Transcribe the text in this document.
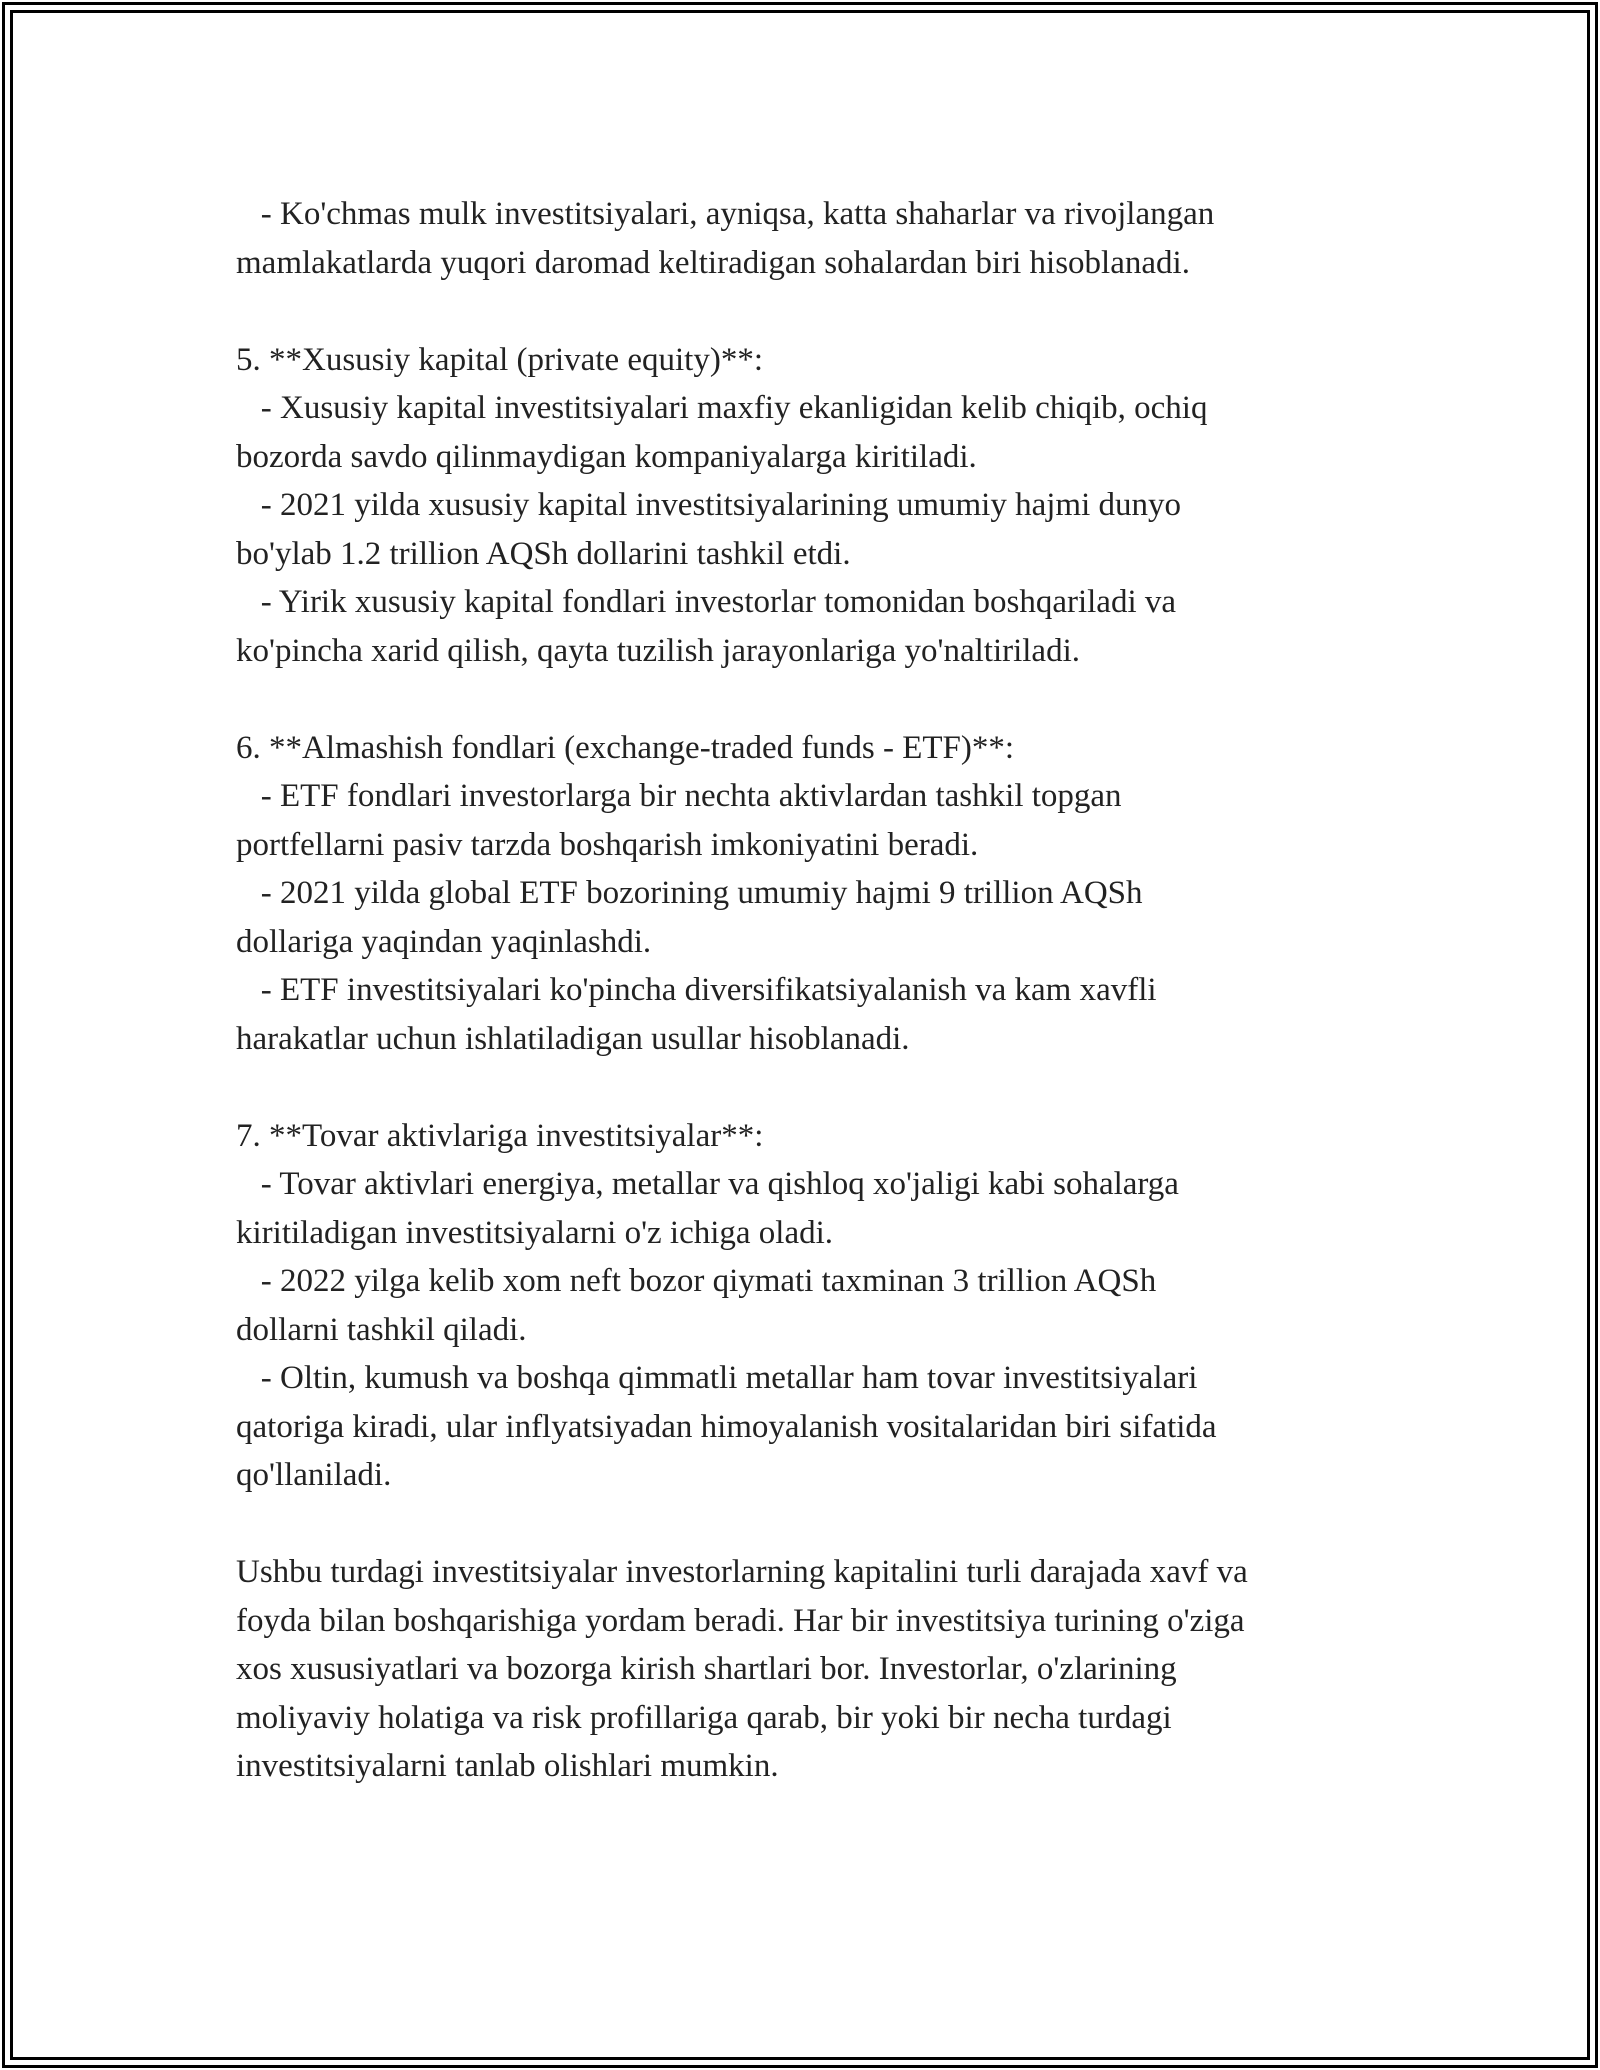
- Ko'chmas mulk investitsiyalari, ayniqsa, katta shaharlar va rivojlangan
mamlakatlarda yuqori daromad keltiradigan sohalardan biri hisoblanadi.
5. **Xususiy kapital (private equity)**:
- Xususiy kapital investitsiyalari maxfiy ekanligidan kelib chiqib, ochiq
bozorda savdo qilinmaydigan kompaniyalarga kiritiladi.
- 2021 yilda xususiy kapital investitsiyalarining umumiy hajmi dunyo
bo'ylab 1.2 trillion AQSh dollarini tashkil etdi.
- Yirik xususiy kapital fondlari investorlar tomonidan boshqariladi va
ko'pincha xarid qilish, qayta tuzilish jarayonlariga yo'naltiriladi.
6. **Almashish fondlari (exchange-traded funds - ETF)**:
- ETF fondlari investorlarga bir nechta aktivlardan tashkil topgan
portfellarni pasiv tarzda boshqarish imkoniyatini beradi.
- 2021 yilda global ETF bozorining umumiy hajmi 9 trillion AQSh
dollariga yaqindan yaqinlashdi.
- ETF investitsiyalari ko'pincha diversifikatsiyalanish va kam xavfli
harakatlar uchun ishlatiladigan usullar hisoblanadi.
7. **Tovar aktivlariga investitsiyalar**:
- Tovar aktivlari energiya, metallar va qishloq xo'jaligi kabi sohalarga
kiritiladigan investitsiyalarni o'z ichiga oladi.
- 2022 yilga kelib xom neft bozor qiymati taxminan 3 trillion AQSh
dollarni tashkil qiladi.
- Oltin, kumush va boshqa qimmatli metallar ham tovar investitsiyalari
qatoriga kiradi, ular inflyatsiyadan himoyalanish vositalaridan biri sifatida
qo'llaniladi.
Ushbu turdagi investitsiyalar investorlarning kapitalini turli darajada xavf va
foyda bilan boshqarishiga yordam beradi. Har bir investitsiya turining o'ziga
xos xususiyatlari va bozorga kirish shartlari bor. Investorlar, o'zlarining
moliyaviy holatiga va risk profillariga qarab, bir yoki bir necha turdagi
investitsiyalarni tanlab olishlari mumkin.
